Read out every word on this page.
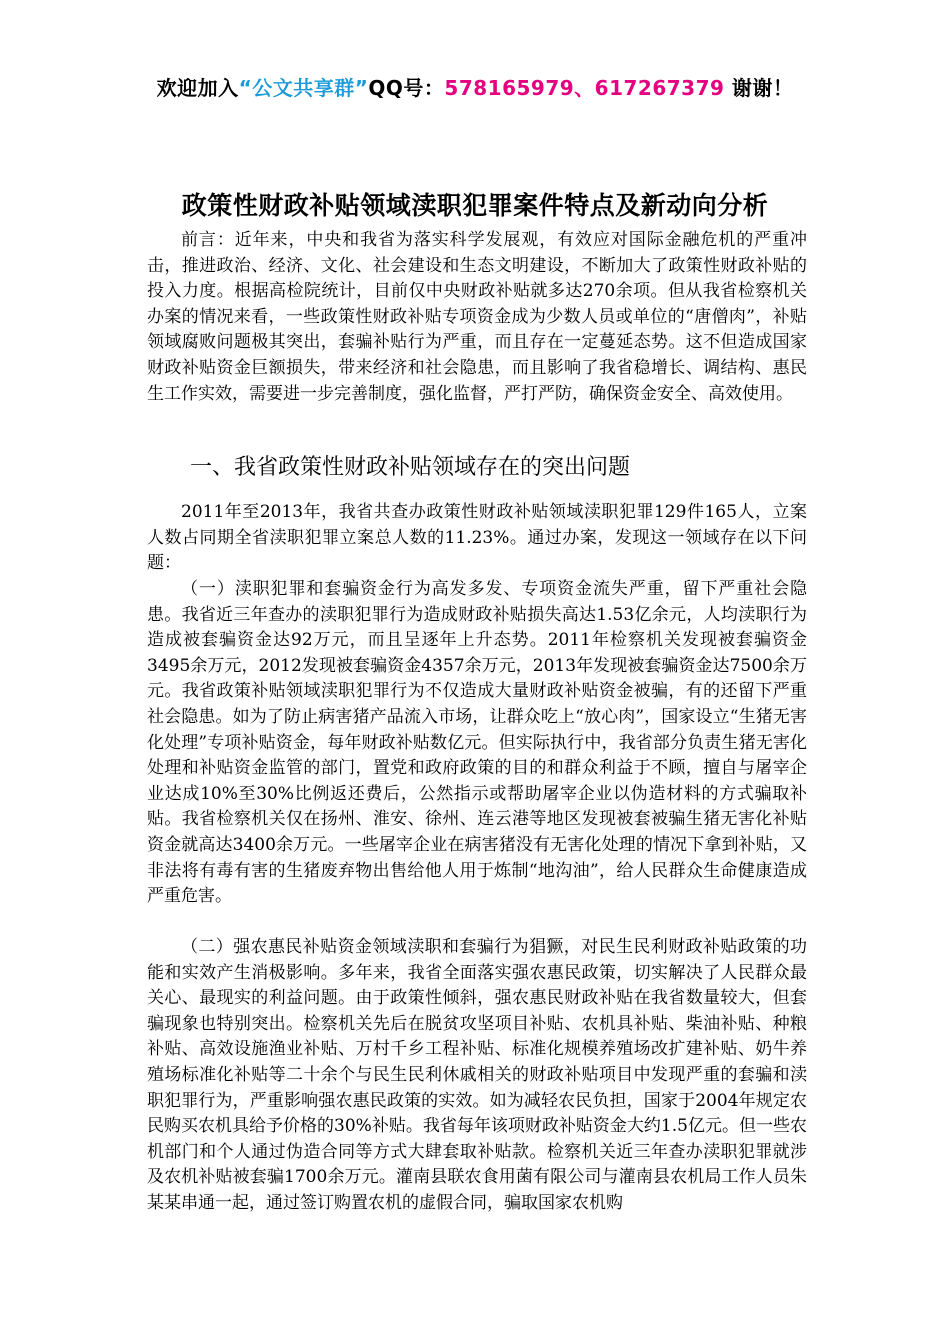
欢迎加入“公文共享群”QQ号：578165979、617267379 谢谢！
政策性财政补贴领域渎职犯罪案件特点及新动向分析

前言：近年来，中央和我省为落实科学发展观，有效应对国际金融危机的严重冲击，推进政治、经济、文化、社会建设和生态文明建设，不断加大了政策性财政补贴的投入力度。根据高检院统计，目前仅中央财政补贴就多达270余项。但从我省检察机关办案的情况来看，一些政策性财政补贴专项资金成为少数人员或单位的“唐僧肉”，补贴领域腐败问题极其突出，套骗补贴行为严重，而且存在一定蔓延态势。这不但造成国家财政补贴资金巨额损失，带来经济和社会隐患，而且影响了我省稳增长、调结构、惠民生工作实效，需要进一步完善制度，强化监督，严打严防，确保资金安全、高效使用。

一、我省政策性财政补贴领域存在的突出问题

2011年至2013年，我省共查办政策性财政补贴领域渎职犯罪129件165人，立案人数占同期全省渎职犯罪立案总人数的11.23%。通过办案，发现这一领域存在以下问题：

（一）渎职犯罪和套骗资金行为高发多发、专项资金流失严重，留下严重社会隐患。我省近三年查办的渎职犯罪行为造成财政补贴损失高达1.53亿余元，人均渎职行为造成被套骗资金达92万元，而且呈逐年上升态势。2011年检察机关发现被套骗资金3495余万元，2012发现被套骗资金4357余万元，2013年发现被套骗资金达7500余万元。我省政策补贴领域渎职犯罪行为不仅造成大量财政补贴资金被骗，有的还留下严重社会隐患。如为了防止病害猪产品流入市场，让群众吃上“放心肉”，国家设立“生猪无害化处理”专项补贴资金，每年财政补贴数亿元。但实际执行中，我省部分负责生猪无害化处理和补贴资金监管的部门，置党和政府政策的目的和群众利益于不顾，擅自与屠宰企业达成10%至30%比例返还费后，公然指示或帮助屠宰企业以伪造材料的方式骗取补贴。我省检察机关仅在扬州、淮安、徐州、连云港等地区发现被套被骗生猪无害化补贴资金就高达3400余万元。一些屠宰企业在病害猪没有无害化处理的情况下拿到补贴，又非法将有毒有害的生猪废弃物出售给他人用于炼制“地沟油”，给人民群众生命健康造成严重危害。

（二）强农惠民补贴资金领域渎职和套骗行为猖獗，对民生民利财政补贴政策的功能和实效产生消极影响。多年来，我省全面落实强农惠民政策，切实解决了人民群众最关心、最现实的利益问题。由于政策性倾斜，强农惠民财政补贴在我省数量较大，但套骗现象也特别突出。检察机关先后在脱贫攻坚项目补贴、农机具补贴、柴油补贴、种粮补贴、高效设施渔业补贴、万村千乡工程补贴、标准化规模养殖场改扩建补贴、奶牛养殖场标准化补贴等二十余个与民生民利休戚相关的财政补贴项目中发现严重的套骗和渎职犯罪行为，严重影响强农惠民政策的实效。如为减轻农民负担，国家于2004年规定农民购买农机具给予价格的30%补贴。我省每年该项财政补贴资金大约1.5亿元。但一些农机部门和个人通过伪造合同等方式大肆套取补贴款。检察机关近三年查办渎职犯罪就涉及农机补贴被套骗1700余万元。灌南县联农食用菌有限公司与灌南县农机局工作人员朱某某串通一起，通过签订购置农机的虚假合同，骗取国家农机购
